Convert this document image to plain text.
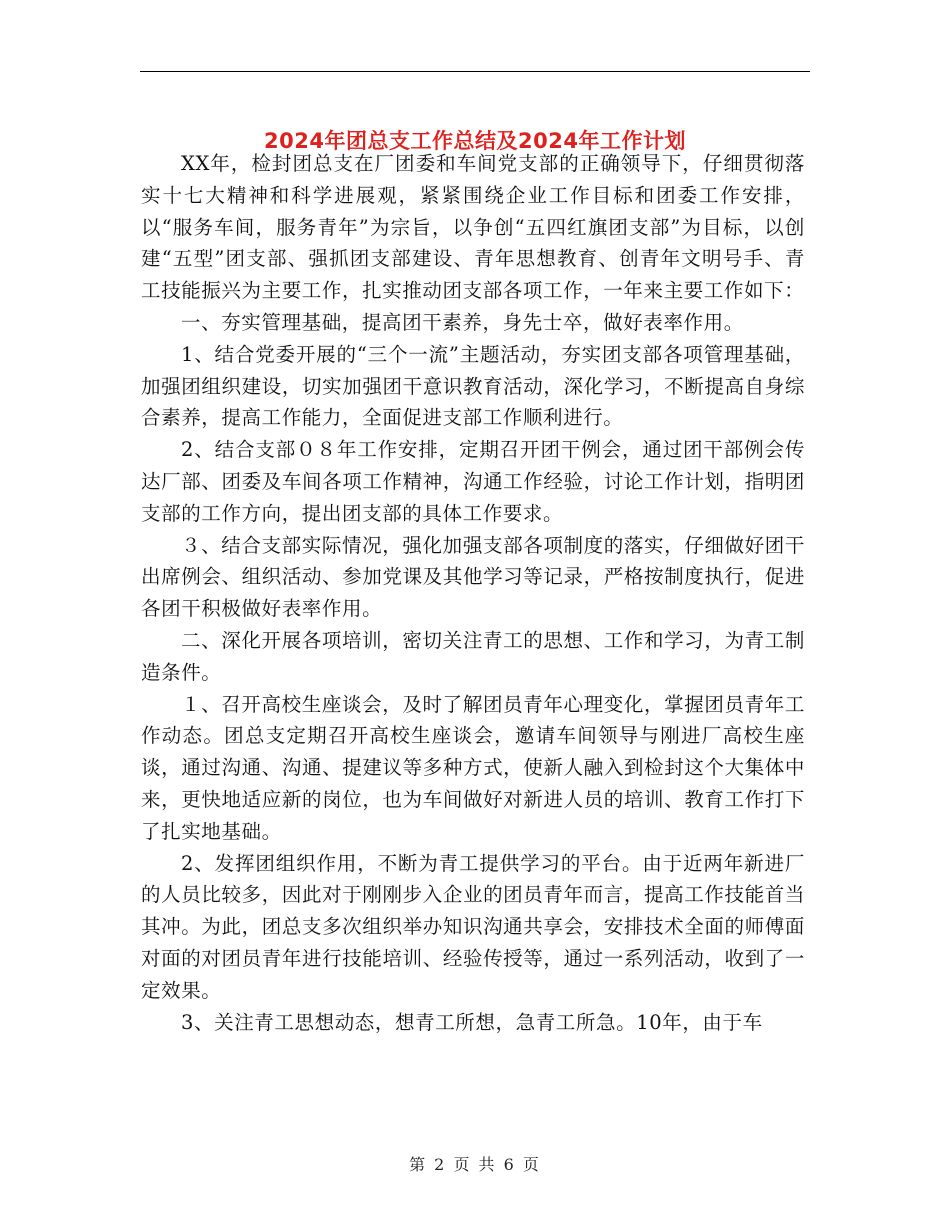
2024年团总支工作总结及2024年工作计划

XX年，检封团总支在厂团委和车间党支部的正确领导下，仔细贯彻落实十七大精神和科学进展观，紧紧围绕企业工作目标和团委工作安排，以“服务车间，服务青年”为宗旨，以争创“五四红旗团支部”为目标，以创建“五型”团支部、强抓团支部建设、青年思想教育、创青年文明号手、青工技能振兴为主要工作，扎实推动团支部各项工作，一年来主要工作如下：

一、夯实管理基础，提高团干素养，身先士卒，做好表率作用。

1、结合党委开展的“三个一流”主题活动，夯实团支部各项管理基础，加强团组织建设，切实加强团干意识教育活动，深化学习，不断提高自身综合素养，提高工作能力，全面促进支部工作顺利进行。

2、结合支部０８年工作安排，定期召开团干例会，通过团干部例会传达厂部、团委及车间各项工作精神，沟通工作经验，讨论工作计划，指明团支部的工作方向，提出团支部的具体工作要求。

３、结合支部实际情况，强化加强支部各项制度的落实，仔细做好团干出席例会、组织活动、参加党课及其他学习等记录，严格按制度执行，促进各团干积极做好表率作用。

二、深化开展各项培训，密切关注青工的思想、工作和学习，为青工制造条件。

１、召开高校生座谈会，及时了解团员青年心理变化，掌握团员青年工作动态。团总支定期召开高校生座谈会，邀请车间领导与刚进厂高校生座谈，通过沟通、沟通、提建议等多种方式，使新人融入到检封这个大集体中来，更快地适应新的岗位，也为车间做好对新进人员的培训、教育工作打下了扎实地基础。

2、发挥团组织作用，不断为青工提供学习的平台。由于近两年新进厂的人员比较多，因此对于刚刚步入企业的团员青年而言，提高工作技能首当其冲。为此，团总支多次组织举办知识沟通共享会，安排技术全面的师傅面对面的对团员青年进行技能培训、经验传授等，通过一系列活动，收到了一定效果。

3、关注青工思想动态，想青工所想，急青工所急。10年，由于车

第 2 页 共 6 页
